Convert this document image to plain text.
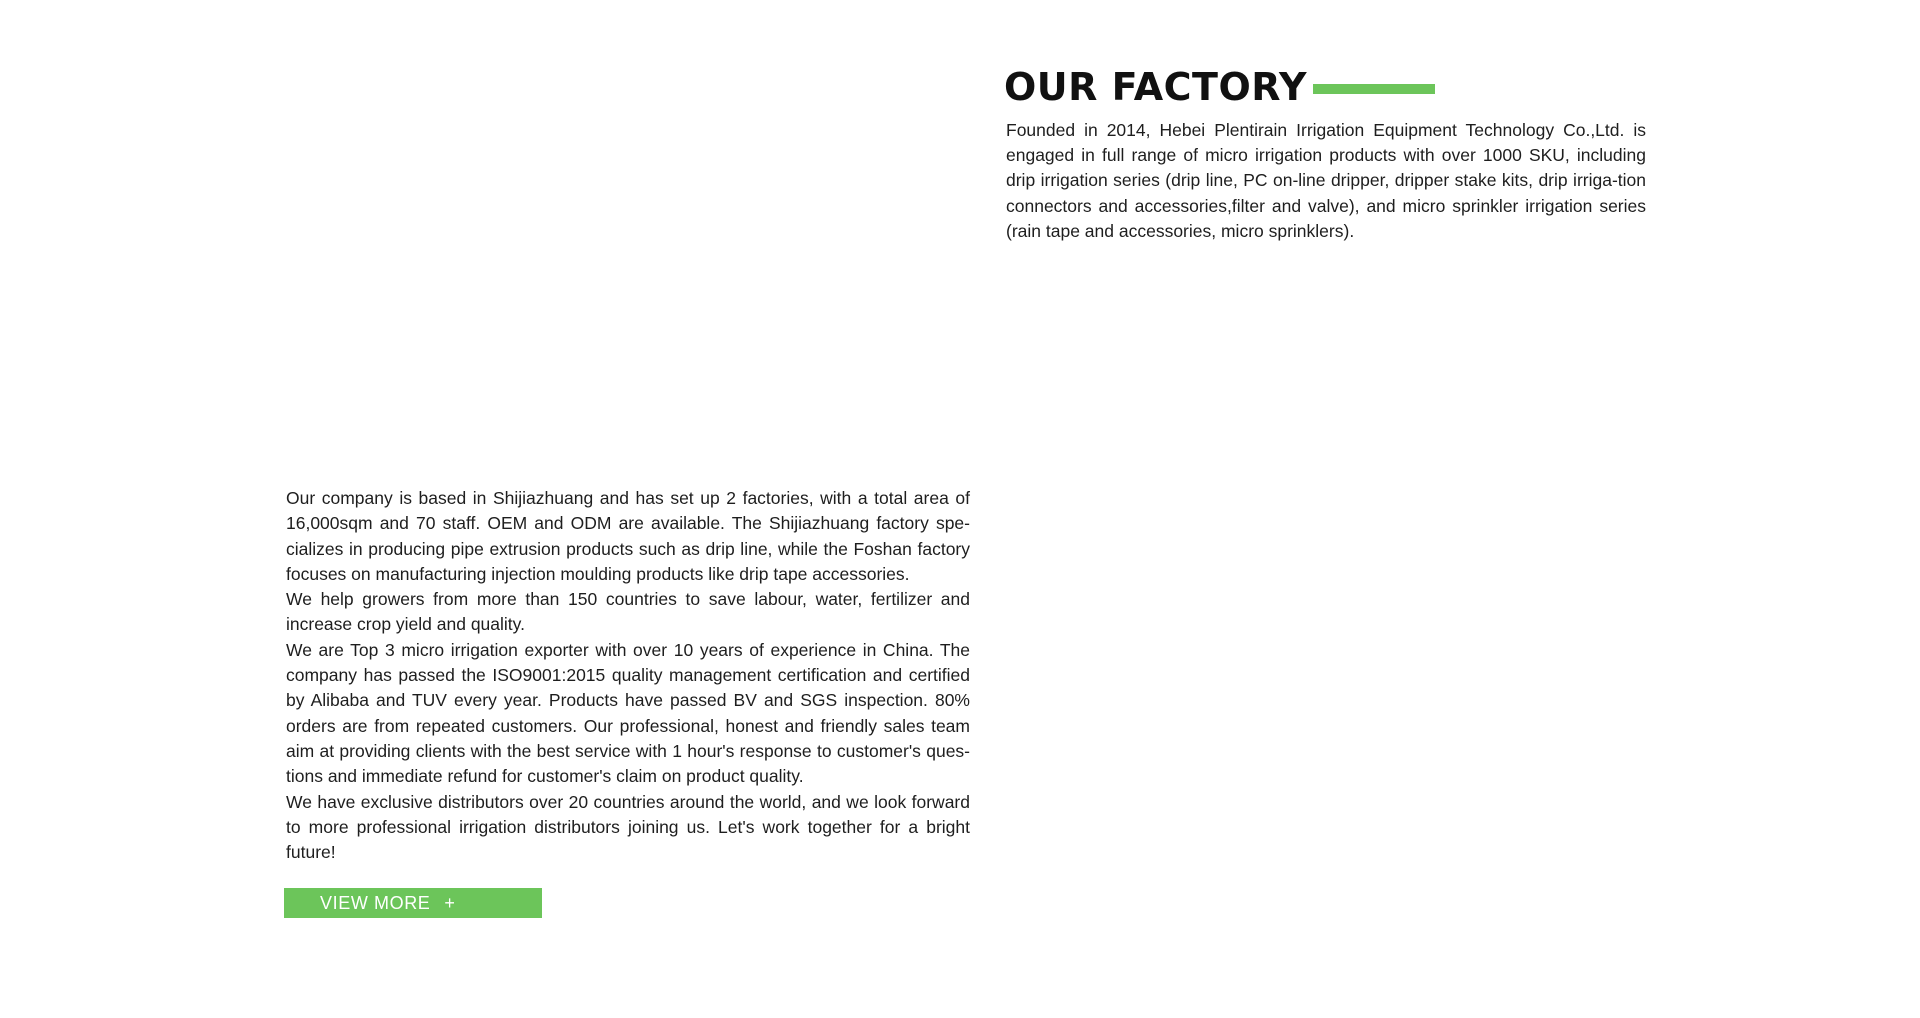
OUR FACTORY

Founded in 2014, Hebei Plentirain Irrigation Equipment Technology Co.,Ltd. is engaged in full range of micro irrigation products with over 1000 SKU, including drip irrigation series (drip line, PC on-line dripper, dripper stake kits, drip irriga-tion connectors and accessories,filter and valve), and micro sprinkler irrigation series (rain tape and accessories, micro sprinklers).

Our company is based in Shijiazhuang and has set up 2 factories, with a total area of 16,000sqm and 70 staff. OEM and ODM are available. The Shijiazhuang factory spe-cializes in producing pipe extrusion products such as drip line, while the Foshan factory focuses on manufacturing injection moulding products like drip tape accessories.

We help growers from more than 150 countries to save labour, water, fertilizer and increase crop yield and quality.

We are Top 3 micro irrigation exporter with over 10 years of experience in China. The company has passed the ISO9001:2015 quality management certification and certified by Alibaba and TUV every year. Products have passed BV and SGS inspection. 80% orders are from repeated customers. Our professional, honest and friendly sales team aim at providing clients with the best service with 1 hour's response to customer's ques-tions and immediate refund for customer's claim on product quality.

We have exclusive distributors over 20 countries around the world, and we look forward to more professional irrigation distributors joining us. Let's work together for a bright future!

VIEW MORE +
